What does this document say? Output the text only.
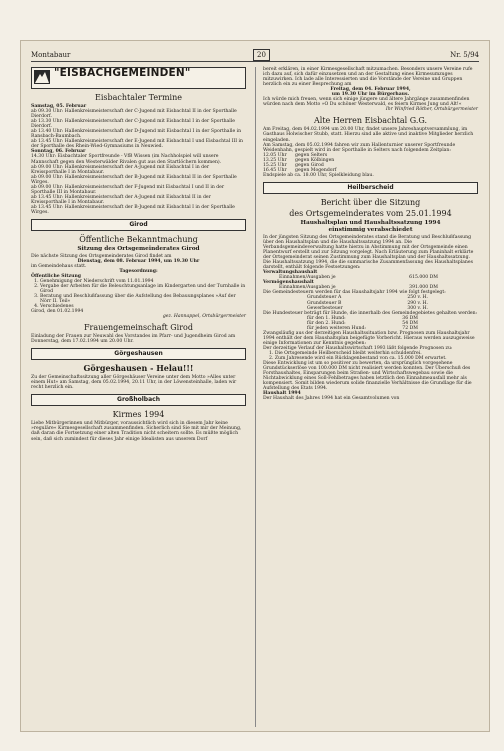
Montabaur	20	Nr. 5/94
"EISBACHGEMEINDEN"
Eisbachtaler Termine

Samstag, 05. Februar

ab 09.30 Uhr: Hallenkreismeisterschaft der C-Jugend mit Eisbachtal II in der Sporthalle Dierdorf.

ab 13.30 Uhr: Hallenkreismeisterschaft der C-Jugend mit Eisbachtal I in der Sporthalle Dierdorf.

ab 13.40 Uhr: Hallenkreismeisterschaft der D-Jugend mit Eisbachtal I in der Sporthalle in Ransbach-Baumbach.

ab 13.45 Uhr: Hallenkreismeisterschaft der E-Jugend mit Eisbachtal I und Eisbachtal III in der Sporthalle des Rhein-Wied-Gymnasiums in Neuwied.

Sonntag, 06. Februar

14.30 Uhr: Eisbachtaler Sportfreunde - VfB Wissen (im Nachholspiel will unsere Mannschaft gegen den Westerwälder Rivalen gut aus den Startlöchern kommen).

ab 09.00 Uhr: Hallenkreismeisterschaft der A-Jugend mit Eisbachtal I in der Kreissporthalle I in Montabaur.

ab 09.00 Uhr: Hallenkreismeisterschaft der B-Jugend mit Eisbachtal II in der Sporthalle Wirges.

ab 09.00 Uhr: Hallenkreismeisterschaft der F-Jugend mit Eisbachtal I und II in der Sporthalle III in Montabaur.

ab 13.45 Uhr: Hallenkreismeisterschaft der A-Jugend mit Eisbachtal II in der Kreissporthalle I in Montabaur.

ab 13.45 Uhr: Hallenkreismeisterschaft der B-Jugend mit Eisbachtal I in der Sporthalle Wirges.

Girod
Öffentliche Bekanntmachung
Sitzung des Ortsgemeinderates Girod

Die nächste Sitzung des Ortsgemeinderates Girod findet am

Dienstag, dem 08. Februar 1994, um 19.30 Uhr

im Gemeindehaus statt.

Tagesordnung:

Öffentliche Sitzung

1. Genehmigung der Niederschrift vom 11.01.1994
2. Vergabe der Arbeiten für die Beleuchtungsanlage im Kindergarten und der Turnhalle in Girod
3. Beratung und Beschlußfassung über die Aufstellung des Bebauungsplanes »Auf der Nörr II. Teil«
4. Verschiedenes

Girod, den 01.02.1994

gez. Hannappel, Ortsbürgermeister

Frauengemeinschaft Girod

Einladung der Frauen zur Neuwahl des Vorstandes im Pfarr- und Jugendheim Girod am Donnerstag, dem 17.02.1994 um 20.00 Uhr.

Görgeshausen
Görgeshausen - Helau!!!

Zu der Gemeinschaftssitzung aller Görgeshäuser Vereine unter dem Motto »Alles unter einem Hut« am Samstag, dem 05.02.1994, 20.11 Uhr, in der Löwensteinhalle, laden wir recht herzlich ein.

Großholbach
Kirmes 1994

Liebe Mitbürgerinnen und Mitbürger, voraussichtlich wird sich in diesem Jahr keine »reguläre« Kirmesgesellschaft zusammenfinden. Sicherlich sind Sie mit mir der Meinung, daß daran die Fortsetzung einer alten Tradition nicht scheitern sollte. Es müßte möglich sein, daß sich zumindest für dieses Jahr einige Idealisten aus unserem Dorf

bereit erklären, in einer Kirmesgesellschaft mitzumachen. Besonders unsere Vereine rufe ich dazu auf, sich dafür einzusetzen und an der Gestaltung eines Kirmesumzuges mitzuwirken. Ich lade alle Interessierten und die Vorstände der Vereine und Gruppen herzlich ein zu einer Besprechung am

Freitag, dem 04. Februar 1994,

um 19.30 Uhr im Bürgerhaus.

Ich würde mich freuen, wenn sich einige jüngere und ältere Jahrgänge zusammenfinden würden nach dem Motto »O Du schöner Westerwald, es feiern Kirmes Jung und Alt!«

Ihr Winfried Röther, Ortsbürgermeister

Alte Herren Eisbachtal G.G.

Am Freitag, dem 04.02.1994 um 20.00 Uhr, findet unsere Jahreshauptversammlung, im Gasthaus Holwischer Stubb, statt. Hierzu sind alle aktive und inaktive Mitglieder herzlich eingeladen.

Am Samstag, dem 05.02.1994 fahren wir zum Hallenturnier unserer Sportfreunde Weidenhahn, gespielt wird in der Sporthalle in Selters nach folgendem Zeitplan:

12.05 Uhr	gegen Selters
13.25 Uhr	gegen Kölbingen
15.25 Uhr	gegen Girod
16.45 Uhr	gegen Mogendorf

Endspiele ab ca. 18.00 Uhr, Spielkleidung blau.

Heilberscheid
Bericht über die Sitzung
des Ortsgemeinderates vom 25.01.1994
Haushaltsplan und Haushaltssatzung 1994
einstimmig verabschiedet

In der jüngsten Sitzung des Ortsgemeinderates stand die Beratung und Beschlußfassung über den Haushaltsplan und die Haushaltssatzung 1994 an. Die Verbandsgemeindeverwaltung hatte hierzu in Abstimmung mit der Ortsgemeinde einen Planentwurf erstellt und zur Sitzung vorgelegt. Nach Erläuterung zum Planinhalt erklärte der Ortsgemeinderat seinen Zustimmung zum Haushaltsplan und der Haushaltssatzung. Die Haushaltssatzung 1994, die die summarische Zusammenfassung des Haushaltsplanes darstellt, enthält folgende Festsetzungen:

Verwaltungshaushalt

Einnahmen/Ausgaben je	615.000 DM

Vermögenshaushalt

Einnahmen/Ausgaben je	391.000 DM

Die Gemeindesteuern werden für das Haushaltsjahr 1994 wie folgt festgelegt:

Grundsteuer A	250 v. H.
Grundsteuer B	290 v. H.
Gewerbesteuer	300 v. H.

Die Hundesteuer beträgt für Hunde, die innerhalb des Gemeindegebietes gehalten werden:

für den 1. Hund:	36 DM
für den 2. Hund:	54 DM
für jeden weiteren Hund:	72 DM

Zwangsläufig aus der derzeitigen Haushaltssituation bzw. Prognosen zum Haushaltsjahr 1994 enthält der dem Haushaltsplan beigefügte Vorbericht. Hieraus werden auszugsweise einige Informationen zur Kenntnis gegeben:

Der derzeitige Verlauf der Haushaltswirtschaft 1993 läßt folgende Prognosen zu:

1. Die Ortsgemeinde Heilberscheid bleibt weiterhin schuldenfrei.

2. Zum Jahresende wird ein Rücklagenbestand von ca. 15.000 DM erwartet.

Diese Entwicklung ist um so positiver zu bewerten, da ursprünglich vorgesehene Grundstückserlöse von 100.000 DM nicht realisiert werden konnten. Der Überschuß des Forsthaushaltes, Einsparungen beim Straßen- und Wirtschaftswegebau sowie die Nichtabwicklung eines Soll-Fehlbetrages haben letztlich den Einnahmeausfall mehr als kompensiert. Somit bilden wiederum solide finanzielle Verhältnisse die Grundlage für die Aufstellung des Etats 1994.

Haushalt 1994

Der Haushalt des Jahres 1994 hat ein Gesamtvolumen von
